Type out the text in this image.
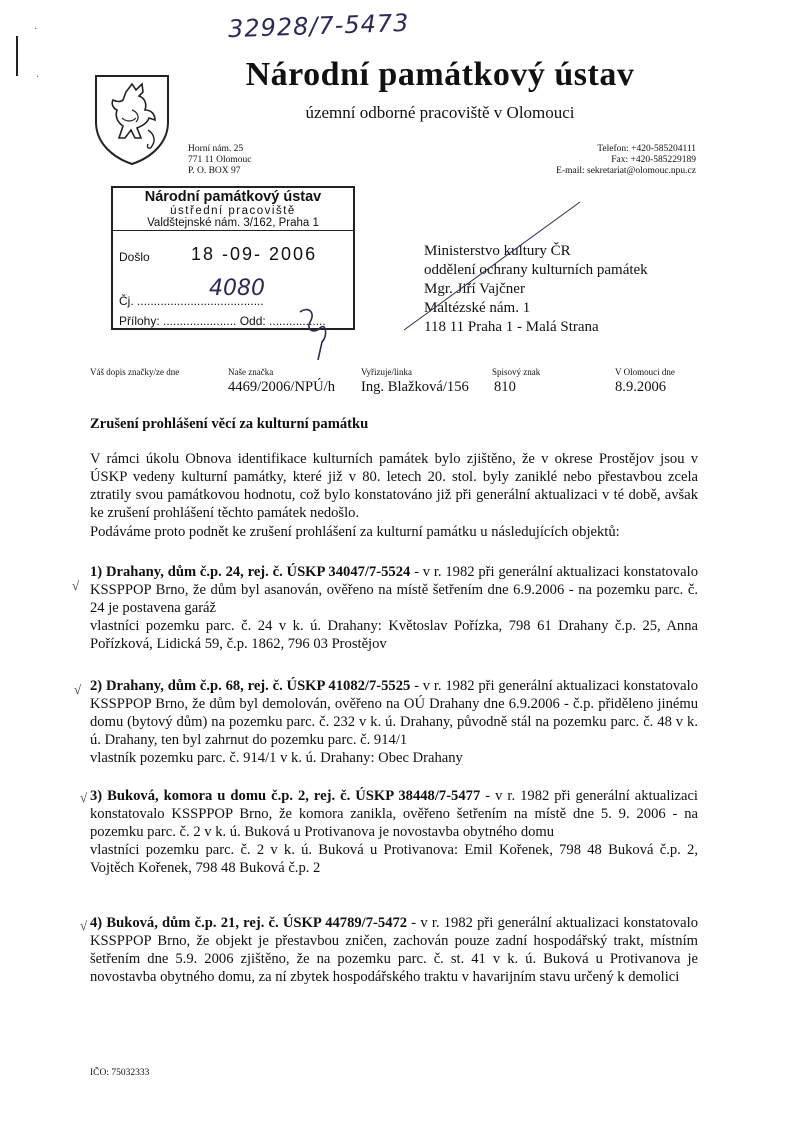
·
·
32928/7-5473
Národní památkový ústav
územní odborné pracoviště v Olomouci
Horní nám. 25
771 11 Olomouc
P. O. BOX 97
Telefon: +420-585204111
Fax: +420-585229189
E-mail: sekretariat@olomouc.npu.cz
Národní památkový ústav
ústřední pracoviště
Valdštejnské nám. 3/162, Praha 1
Došlo 18 -09- 2006
4080
Čj. ......................................
Přílohy: ...................... Odd: .................
Ministerstvo kultury ČR
oddělení ochrany kulturních památek
Mgr. Jiří Vajčner
Maltézské nám. 1
118 11 Praha 1 - Malá Strana
Váš dopis značky/ze dne	Naše značka
4469/2006/NPÚ/h
Vyřizuje/linka
Ing. Blažková/156
Spisový znak
810
V Olomouci dne
8.9.2006
Zrušení prohlášení věcí za kulturní památku
V rámci úkolu Obnova identifikace kulturních památek bylo zjištěno, že v okrese Prostějov jsou v ÚSKP vedeny kulturní památky, které již v 80. letech 20. stol. byly zaniklé nebo přestavbou zcela ztratily svou památkovou hodnotu, což bylo konstatováno již při generální aktualizaci v té době, avšak ke zrušení prohlášení těchto památek nedošlo.
Podáváme proto podnět ke zrušení prohlášení za kulturní památku u následujících objektů:
√
1) Drahany, dům č.p. 24, rej. č. ÚSKP 34047/7-5524 - v r. 1982 při generální aktualizaci konstatovalo KSSPPOP Brno, že dům byl asanován, ověřeno na místě šetřením dne 6.9.2006 - na pozemku parc. č. 24 je postavena garáž
vlastníci pozemku parc. č. 24 v k. ú. Drahany: Květoslav Pořízka, 798 61 Drahany č.p. 25, Anna Pořízková, Lidická 59, č.p. 1862, 796 03 Prostějov
√ 2) Drahany, dům č.p. 68, rej. č. ÚSKP 41082/7-5525 - v r. 1982 při generální aktualizaci konstatovalo KSSPPOP Brno, že dům byl demolován, ověřeno na OÚ Drahany dne 6.9.2006 - č.p. přiděleno jinému domu (bytový dům) na pozemku parc. č. 232 v k. ú. Drahany, původně stál na pozemku parc. č. 48 v k. ú. Drahany, ten byl zahrnut do pozemku parc. č. 914/1
vlastník pozemku parc. č. 914/1 v k. ú. Drahany: Obec Drahany
√ 3) Buková, komora u domu č.p. 2, rej. č. ÚSKP 38448/7-5477 - v r. 1982 při generální aktualizaci konstatovalo KSSPPOP Brno, že komora zanikla, ověřeno šetřením na místě dne 5. 9. 2006 - na pozemku parc. č. 2 v k. ú. Buková u Protivanova je novostavba obytného domu
vlastníci pozemku parc. č. 2 v k. ú. Buková u Protivanova: Emil Kořenek, 798 48 Buková č.p. 2, Vojtěch Kořenek, 798 48 Buková č.p. 2
√ 4) Buková, dům č.p. 21, rej. č. ÚSKP 44789/7-5472 - v r. 1982 při generální aktualizaci konstatovalo KSSPPOP Brno, že objekt je přestavbou zničen, zachován pouze zadní hospodářský trakt, místním šetřením dne 5.9. 2006 zjištěno, že na pozemku parc. č. st. 41 v k. ú. Buková u Protivanova je novostavba obytného domu, za ní zbytek hospodářského traktu v havarijním stavu určený k demolici
IČO: 75032333
